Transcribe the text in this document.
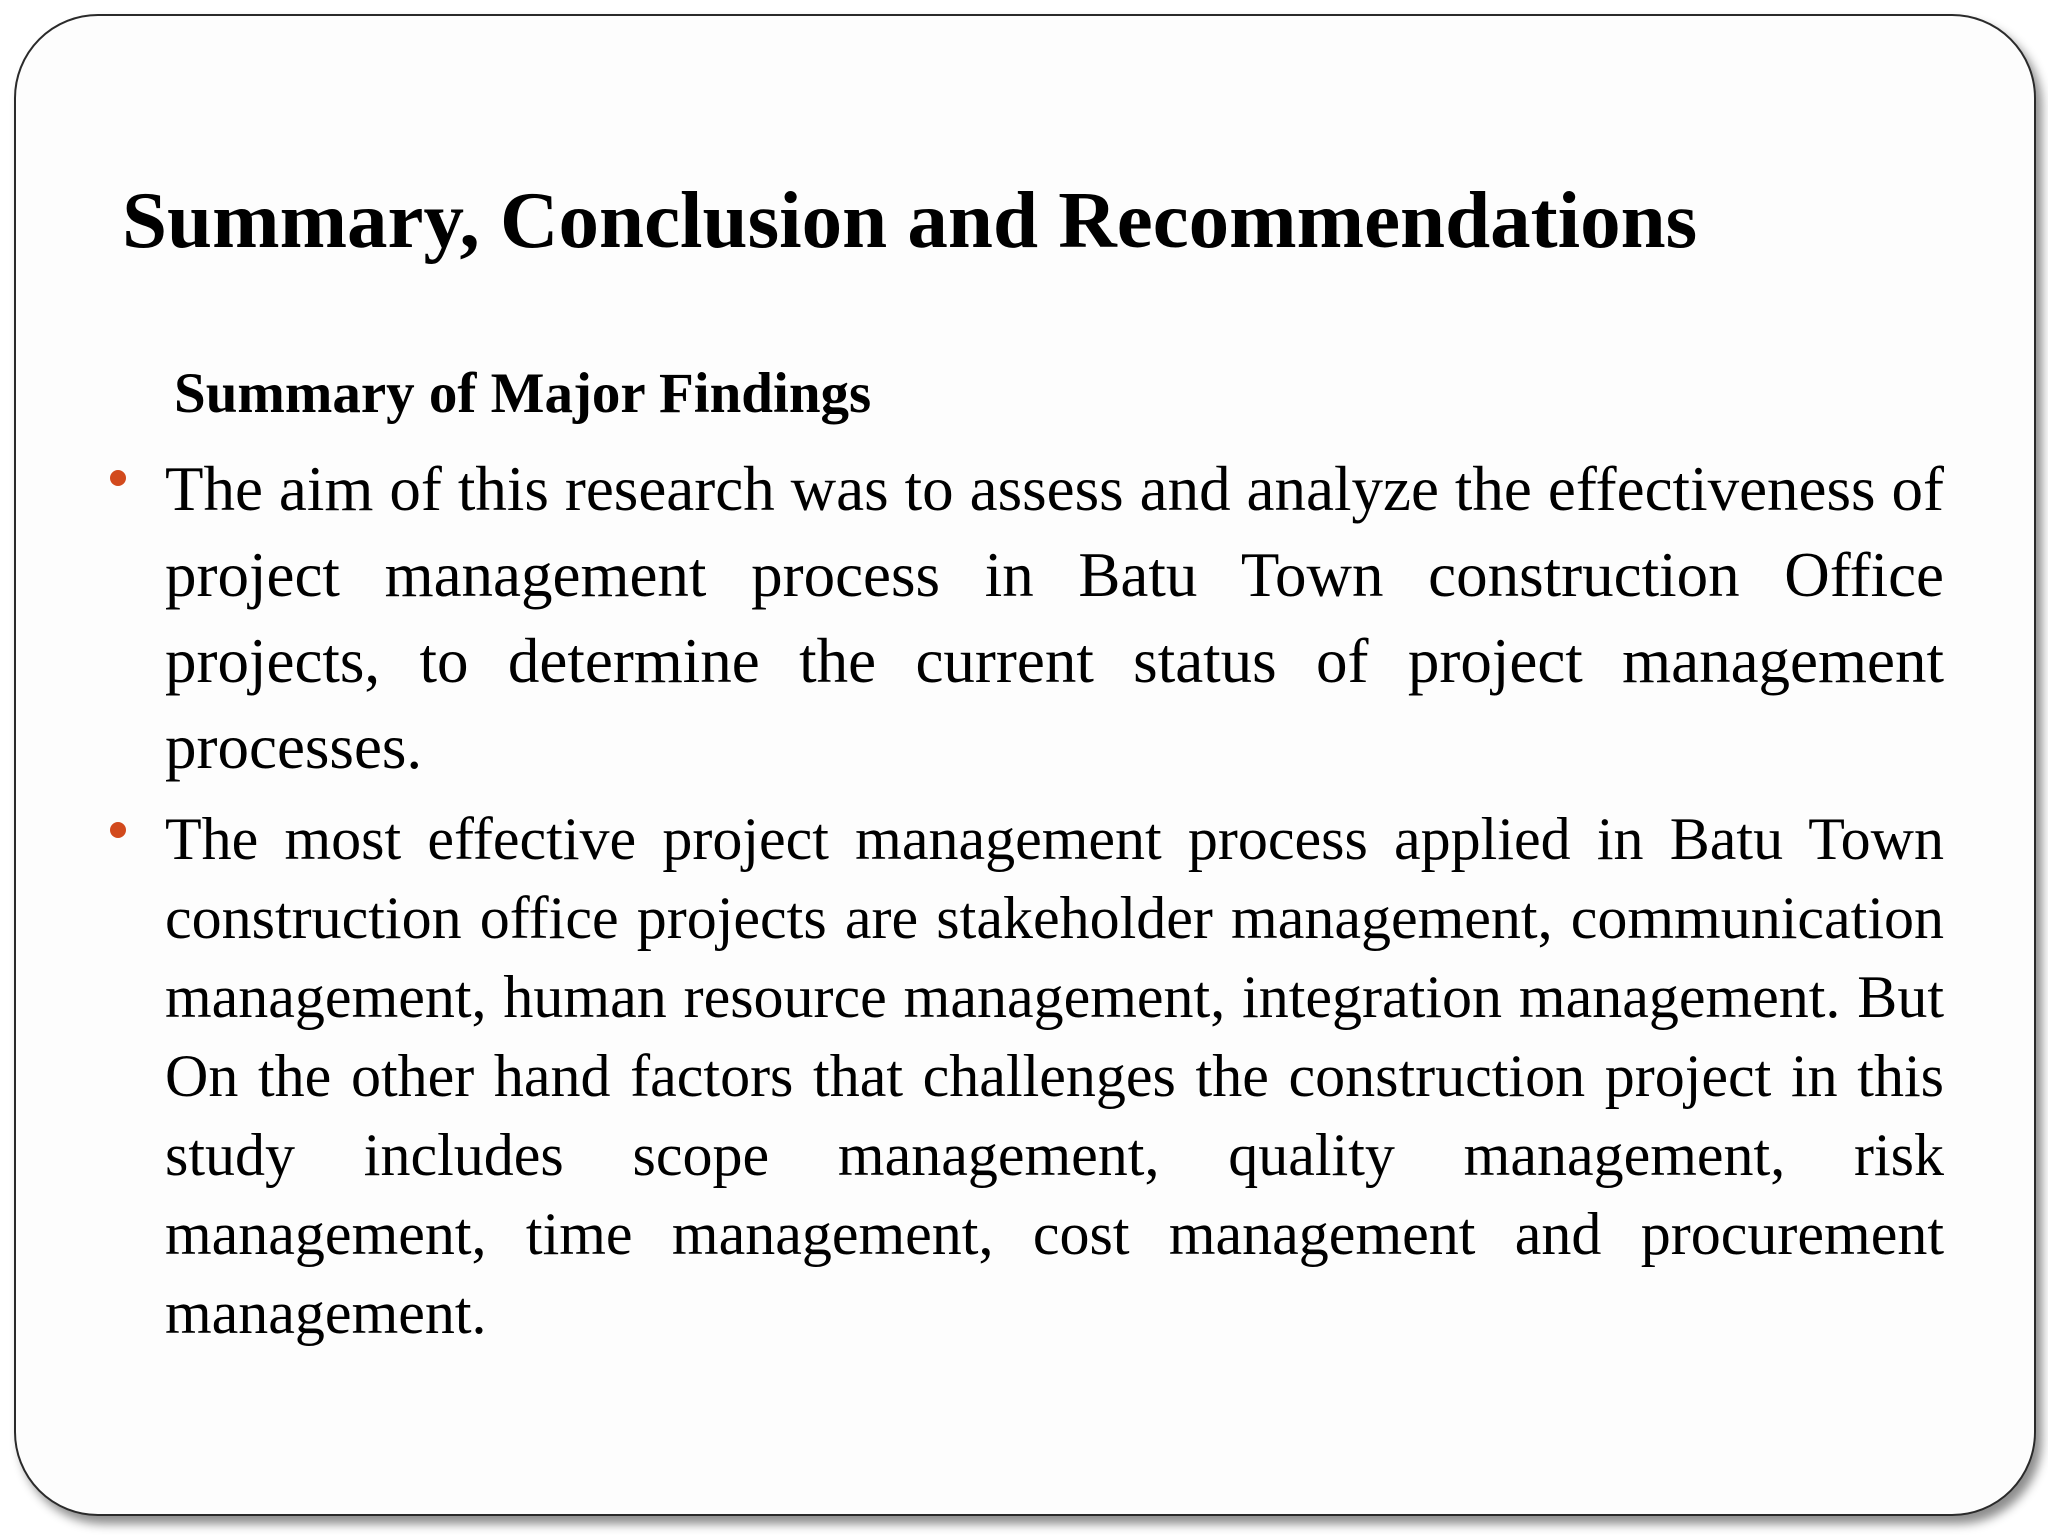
Summary, Conclusion and Recommendations
Summary of Major Findings
The aim of this research was to assess and analyze the effectiveness of project management process in Batu Town construction Office projects, to determine the current status of project management processes.
The most effective project management process applied in Batu Town construction office projects are stakeholder management, communication management, human resource management, integration management. But On the other hand factors that challenges the construction project in this study includes scope management, quality management, risk management, time management, cost management and procurement management.
